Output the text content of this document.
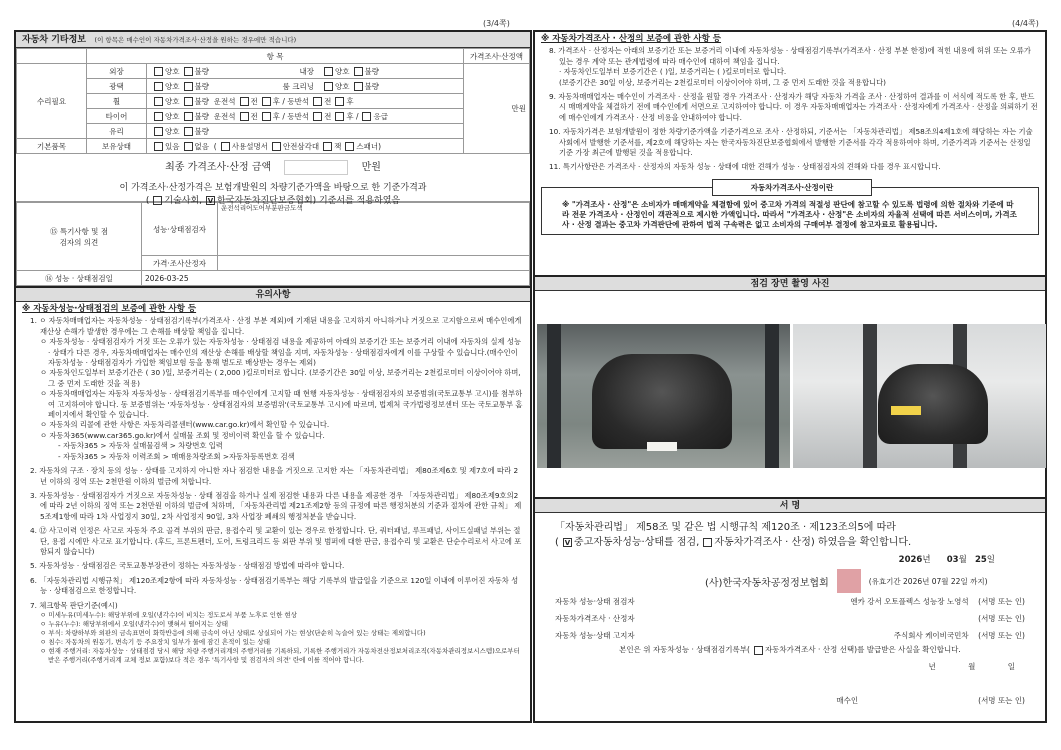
(3/4쪽)	(4/4쪽)
자동차 기타정보 (이 항목은 매수인이 자동차가격조사·산정을 원하는 경우에만 적습니다)
	항 목		가격조사·산정액
수리필요	외장	양호 불량 내장 양호 불량	만원
	광택	양호 불량 룸 크리닝 양호 불량	
	휠	양호 불량 운전석 전 후 / 동반석 전 후	
	타이어	양호 불량 운전석 전 후 / 동반석 전 후 / 응급	
	유리	양호 불량	
기본품목	보유상태	있음 없음  ( 사용설명서 안전삼각대 잭 스패너)	
최종 가격조사·산정 금액	만원
이 가격조사·산정가격은 보험개발원의 차량기준가액을 바탕으로 한 기준가격과
( 기술사회, V 한국자동차진단보증협회) 기준서를 적용하였음
⑮ 특기사항 및 점검자의 의견	성능·상태점검자	운전석리어도어부분판금도색
	가격·조사산정자	
⑯ 성능 · 상태점검일	2026-03-25	
유의사항
※ 자동차성능·상태점검의 보증에 관한 사항 등
1. ㅇ 자동차매매업자는 자동차성능 · 상태점검기록부(가격조사 · 산정 부분 제외)에 기재된 내용을 고지하지 아니하거나 거짓으로 고지함으로써 매수인에게 재산상 손해가 발생한 경우에는 그 손해를 배상할 책임을 집니다.
ㅇ 자동차성능 · 상태점검자가 거짓 또는 오류가 있는 자동차성능 · 상태점검 내용을 제공하여 아래의 보증기간 또는 보증거리 이내에 자동차의 실제 성능 · 상태가 다른 경우, 자동차매매업자는 매수인의 재산상 손해를 배상할 책임을 지며, 자동차성능 · 상태점검자에게 이를 구상할 수 있습니다.(매수인이 자동차성능 · 상태점검자가 가입한 책임보험 등을 통해 별도로 배상받는 경우는 제외)
ㅇ 자동차인도일부터 보증기간은 ( 30 )일, 보증거리는 ( 2,000 )킬로미터로 합니다. (보증기간은 30일 이상, 보증거리는 2천킬로미터 이상이어야 하며, 그 중 먼저 도래한 것을 적용)
ㅇ 자동차매매업자는 자동차 자동차성능 · 상태점검기록부를 매수인에게 고지할 때 현행 자동차성능 · 상태점검자의 보증범위(국토교통부 고시)를 첨부하여 고지하여야 합니다. 동 보증범위는 '자동차성능 · 상태점검자의 보증범위'(국토교통부 고시)에 따르며, 법제처 국가법령정보센터 또는 국토교통부 홈페이지에서 확인할 수 있습니다.
ㅇ 자동차의 리콜에 관한 사항은 자동차리콜센터(www.car.go.kr)에서 확인할 수 있습니다.
ㅇ 자동차365(www.car365.go.kr)에서 실매물 조회 및 정비이력 확인을 할 수 있습니다.
- 자동차365 > 자동차 실매물검색 > 차량번호 입력
- 자동차365 > 자동차 이력조회 > 매매용차량조회 >자동차등록번호 검색
2. 자동차의 구조 · 장치 등의 성능 · 상태를 고지하지 아니한 자나 점검한 내용을 거짓으로 고지한 자는 「자동차관리법」 제80조제6호 및 제7호에 따라 2년 이하의 징역 또는 2천만원 이하의 벌금에 처합니다.
3. 자동차성능 · 상태점검자가 거짓으로 자동차성능 · 상태 점검을 하거나 실제 점검한 내용과 다른 내용을 제공한 경우 「자동차관리법」 제80조제9호의2에 따라 2년 이하의 징역 또는 2천만원 이하의 벌금에 처하며, 「자동차관리법 제21조제2항 등의 규정에 따른 행정처분의 기준과 절차에 관한 규칙」 제5조제1항에 따라 1차 사업정지 30일, 2차 사업정지 90일, 3차 사업장 폐쇄의 행정처분을 받습니다.
4. ⑫ 사고이력 인정은 사고로 자동차 주요 골격 부위의 판금, 용접수리 및 교환이 있는 경우로 한정합니다. 단, 쿼터패널, 루프패널, 사이드실패널 부위는 절단, 용접 시에만 사고로 표기합니다. (후드, 프론트펜더, 도어, 트렁크리드 등 외판 부위 및 범퍼에 대한 판금, 용접수리 및 교환은 단순수리로서 사고에 포함되지 않습니다)
5. 자동차성능 · 상태점검은 국토교통부장관이 정하는 자동차성능 · 상태점검 방법에 따라야 합니다.
6. 「자동차관리법 시행규칙」 제120조제2항에 따라 자동차성능 · 상태점검기록부는 해당 기록부의 발급일을 기준으로 120일 이내에 이루어진 자동차 성능 · 상태점검으로 한정합니다.
7. 체크항목 판단기준(예시)
ㅇ 미세누유(미세누수): 해당부위에 오일(냉각수)이 비치는 정도로서 부품 노후로 인한 현상
ㅇ 누유(누수): 해당부위에서 오일(냉각수)이 맺혀서 떨어지는 상태
ㅇ 부식: 차량하부와 외판의 금속표면이 화학반응에 의해 금속이 아닌 상태로 상실되어 가는 현상(단순히 녹슬어 있는 상태는 제외합니다)
ㅇ 침수: 자동차의 원동기, 변속기 등 주요장치 일부가 물에 잠긴 흔적이 있는 상태
ㅇ 현재 주행거리: 자동차성능 · 상태점검 당시 해당 차량 주행거리계의 주행거리를 기록하되, 기록한 주행거리가 자동차전산정보처리조직(자동차관리정보시스템)으로부터 받은 주행거리(주행거리계 교체 정보 포함)보다 적은 경우 '특기사항 및 점검자의 의견' 란에 이를 적어야 합니다.
※ 자동차가격조사 · 산정의 보증에 관한 사항 등
8. 가격조사 · 산정자는 아래의 보증기간 또는 보증거리 이내에 자동차성능 · 상태점검기록부(가격조사 · 산정 부분 한정)에 적힌 내용에 허위 또는 오류가 있는 경우 계약 또는 관계법령에 따라 매수인에 대하여 책임을 집니다.
· 자동차인도일부터 보증기간은 ( )일, 보증거리는 ( )킬로미터로 합니다.
(보증기간은 30일 이상, 보증거리는 2천킬로미터 이상이어야 하며, 그 중 먼저 도래한 것을 적용합니다)
9. 자동차매매업자는 매수인이 가격조사 · 산정을 원할 경우 가격조사 · 산정자가 해당 자동차 가격을 조사 · 산정하여 결과를 이 서식에 적도록 한 후, 반드시 매매계약을 체결하기 전에 매수인에게 서면으로 고지하여야 합니다. 이 경우 자동차매매업자는 가격조사 · 산정자에게 가격조사 · 산정을 의뢰하기 전에 매수인에게 가격조사 · 산정 비용을 안내하여야 합니다.
10. 자동차가격은 보험개발원이 정한 차량기준가액을 기준가격으로 조사 · 산정하되, 기준서는 「자동차관리법」 제58조의4제1호에 해당하는 자는 기술사회에서 발행한 기준서를, 제2호에 해당하는 자는 한국자동차진단보증협회에서 발행한 기준서를 각각 적용하여야 하며, 기준가격과 기준서는 산정일 기준 가장 최근에 발행된 것을 적용합니다.
11. 특기사항란은 가격조사 · 산정자의 자동차 성능 · 상태에 대한 견해가 성능 · 상태점검자의 견해와 다를 경우 표시합니다.
자동차가격조사·산정이란
※ "가격조사 · 산정"은 소비자가 매매계약을 체결함에 있어 중고차 가격의 적절성 판단에 참고할 수 있도록 법령에 의한 절차와 기준에 따라 전문 가격조사 · 산정인이 객관적으로 제시한 가액입니다. 따라서 "가격조사 · 산정"은 소비자의 자율적 선택에 따른 서비스이며, 가격조사 · 산정 결과는 중고차 가격판단에 관하여 법적 구속력은 없고 소비자의 구매여부 결정에 참고자료로 활용됩니다.
점검 장면 촬영 사진
서 명
「자동차관리법」 제58조 및 같은 법 시행규칙 제120조 · 제123조의5에 따라
( V 중고자동차성능·상태를 점검, 자동차가격조사 · 산정) 하였음을 확인합니다.
2026년 03월 25일
(사)한국자동차공정정보협회	(유효기간 2026년 07월 22일 까지)
자동차 성능·상태 점검자	엔카 강서 오토플렉스 성능장 노영석 (서명 또는 인)
자동차가격조사 · 산정자	(서명 또는 인)
자동차 성능·상태 고지자	주식회사 케이비국민차 (서명 또는 인)
본인은 위 자동차성능 · 상태점검기록부( 자동차가격조사 · 산정 선택)를 발급받은 사실을 확인합니다.
년	월	일
매수인	(서명 또는 인)
